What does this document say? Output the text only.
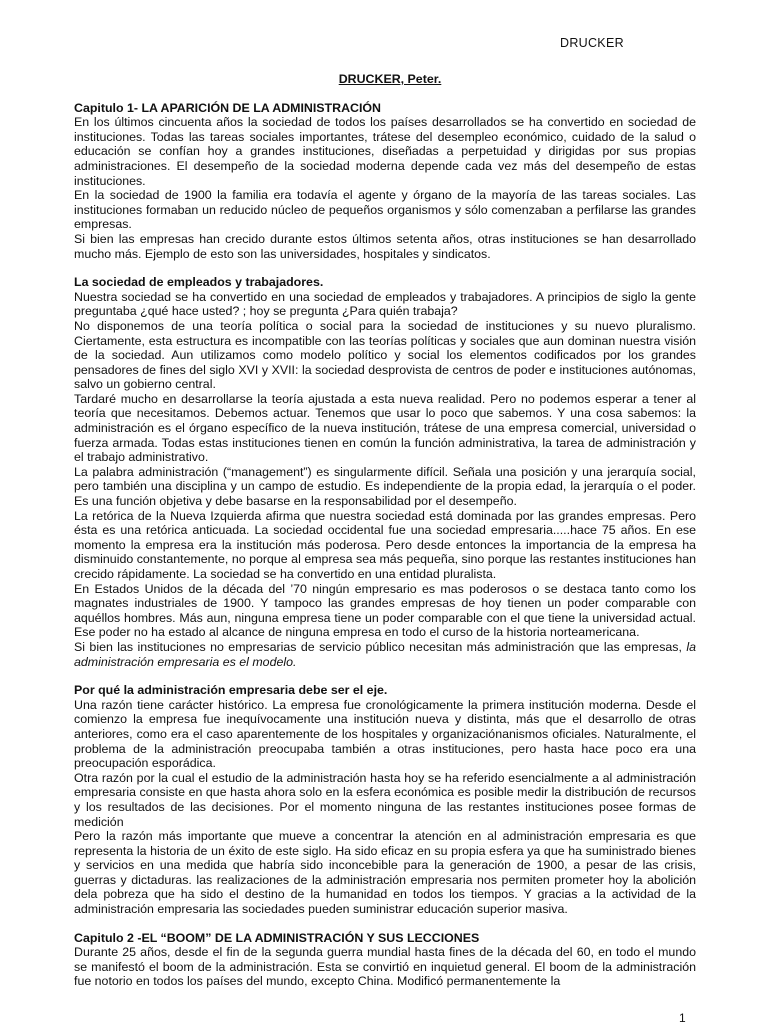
DRUCKER

DRUCKER, Peter.

Capitulo 1- LA APARICIÓN DE LA ADMINISTRACIÓN

En los últimos cincuenta años la sociedad de todos los países desarrollados se ha convertido en sociedad de instituciones. Todas las tareas sociales importantes, trátese del desempleo económico, cuidado de la salud o educación se confían hoy a grandes instituciones, diseñadas a perpetuidad y dirigidas por sus propias administraciones. El desempeño de la sociedad moderna depende cada vez más del desempeño de estas instituciones.

En la sociedad de 1900 la familia era todavía el agente y órgano de la mayoría de las tareas sociales. Las instituciones formaban un reducido núcleo de pequeños organismos y sólo comenzaban a perfilarse las grandes empresas.

Si bien las empresas han crecido durante estos últimos setenta años, otras instituciones se han desarrollado mucho más. Ejemplo de esto son las universidades, hospitales y sindicatos.

La sociedad de empleados y trabajadores.

Nuestra sociedad se ha convertido en una sociedad de empleados y trabajadores. A principios de siglo la gente preguntaba ¿qué hace usted? ; hoy se pregunta ¿Para quién trabaja?

No disponemos de una teoría política o social para la sociedad de instituciones y su nuevo pluralismo. Ciertamente, esta estructura es incompatible con las teorías políticas y sociales que aun dominan nuestra visión de la sociedad. Aun utilizamos como modelo político y social los elementos codificados por los grandes pensadores de fines del siglo XVI y XVII: la sociedad desprovista de centros de poder e instituciones autónomas, salvo un gobierno central.

Tardaré mucho en desarrollarse la teoría ajustada a esta nueva realidad. Pero no podemos esperar a tener al teoría que necesitamos. Debemos actuar. Tenemos que usar lo poco que sabemos. Y una cosa sabemos: la administración es el órgano específico de la nueva institución, trátese de una empresa comercial, universidad o fuerza armada. Todas estas instituciones tienen en común la función administrativa, la tarea de administración y el trabajo administrativo.

La palabra administración (“management”) es singularmente difícil. Señala una posición y una jerarquía social, pero también una disciplina y un campo de estudio. Es independiente de la propia edad, la jerarquía o el poder. Es una función objetiva y debe basarse en la responsabilidad por el desempeño.

La retórica de la Nueva Izquierda afirma que nuestra sociedad está dominada por las grandes empresas. Pero ésta es una retórica anticuada. La sociedad occidental fue una sociedad empresaria.....hace 75 años. En ese momento la empresa era la institución más poderosa. Pero desde entonces la importancia de la empresa ha disminuido constantemente, no porque al empresa sea más pequeña, sino porque las restantes instituciones han crecido rápidamente. La sociedad se ha convertido en una entidad pluralista.

En Estados Unidos de la década del ’70 ningún empresario es mas poderosos o se destaca tanto como los magnates industriales de 1900. Y tampoco las grandes empresas de hoy tienen un poder comparable con aquéllos hombres. Más aun, ninguna empresa tiene un poder comparable con el que tiene la universidad actual. Ese poder no ha estado al alcance de ninguna empresa en todo el curso de la historia norteamericana.

Si bien las instituciones no empresarias de servicio público necesitan más administración que las empresas, la administración empresaria es el modelo.

Por qué la administración empresaria debe ser el eje.

Una razón tiene carácter histórico. La empresa fue cronológicamente la primera institución moderna. Desde el comienzo la empresa fue inequívocamente una institución nueva y distinta, más que el desarrollo de otras anteriores, como era el caso aparentemente de los hospitales y organizaciónanismos oficiales. Naturalmente, el problema de la administración preocupaba también a otras instituciones, pero hasta hace poco era una preocupación esporádica.

Otra razón por la cual el estudio de la administración hasta hoy se ha referido esencialmente a al administración empresaria consiste en que hasta ahora solo en la esfera económica es posible medir la distribución de recursos y los resultados de las decisiones. Por el momento ninguna de las restantes instituciones posee formas de medición

Pero la razón más importante que mueve a concentrar la atención en al administración empresaria es que representa la historia de un éxito de este siglo. Ha sido eficaz en su propia esfera ya que ha suministrado bienes y servicios en una medida que habría sido inconcebible para la generación de 1900, a pesar de las crisis, guerras y dictaduras. las realizaciones de la administración empresaria nos permiten prometer hoy la abolición dela pobreza que ha sido el destino de la humanidad en todos los tiempos. Y gracias a la actividad de la administración empresaria las sociedades pueden suministrar educación superior masiva.

Capitulo 2 -EL “BOOM” DE LA ADMINISTRACIÓN Y SUS LECCIONES

Durante 25 años, desde el fin de la segunda guerra mundial hasta fines de la década del 60, en todo el mundo se manifestó el boom de la administración. Esta se convirtió en inquietud general. El boom de la administración fue notorio en todos los países del mundo, excepto China. Modificó permanentemente la

1
